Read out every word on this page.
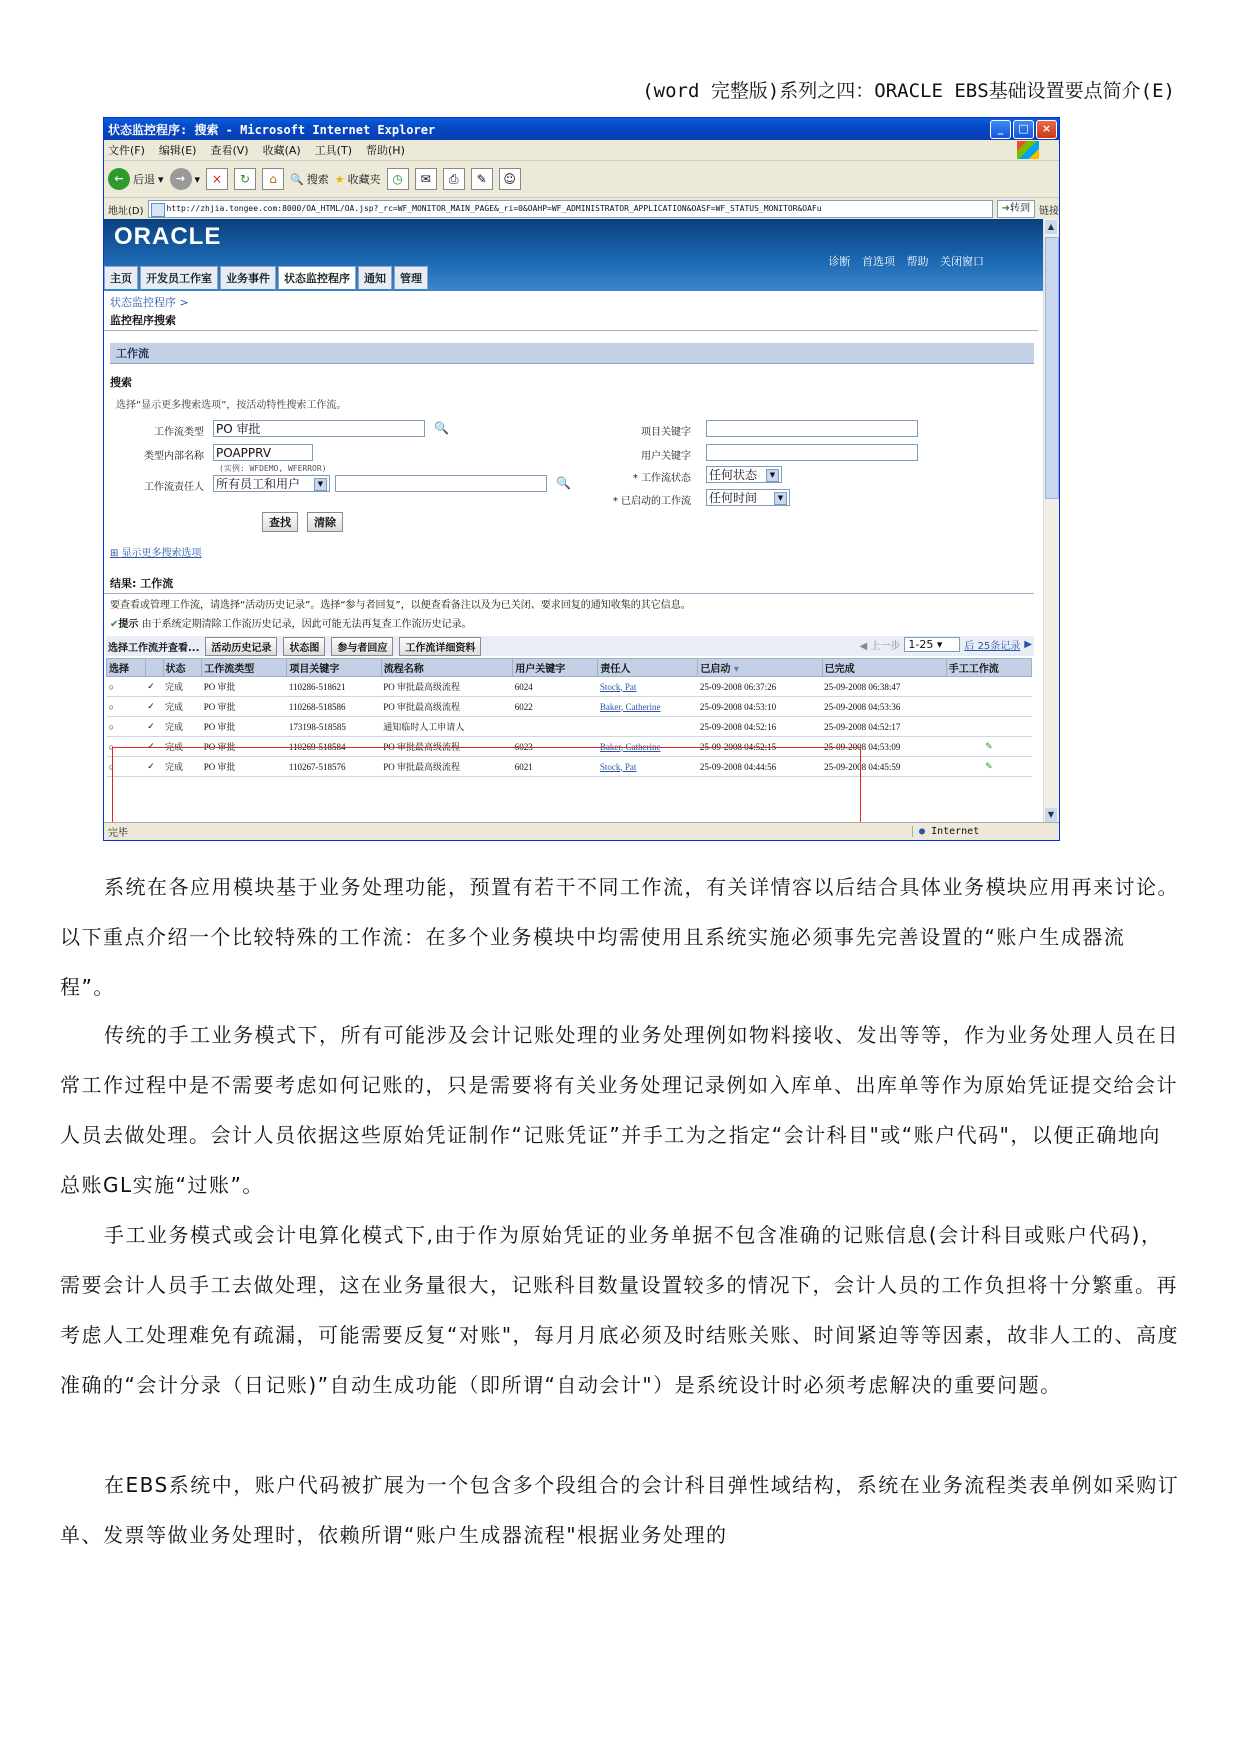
(word 完整版)系列之四：ORACLE EBS基础设置要点简介(E)
状态监控程序: 搜索 - Microsoft Internet Explorer	_	□	×
文件(F) 编辑(E) 查看(V) 收藏(A) 工具(T) 帮助(H)
← 后退 ▾	→ ▾ ×	↻	⌂	🔍 搜索 ★ 收藏夹 ◷	✉	⎙	✎	☺
地址(D)	http://zhjia.tongee.com:8000/OA_HTML/OA.jsp?_rc=WF_MONITOR_MAIN_PAGE&_ri=0&OAHP=WF_ADMINISTRATOR_APPLICATION&OASF=WF_STATUS_MONITOR&OAFu	➜转到 链接
ORACLE
诊断 首选项 帮助 关闭窗口
主页	开发员工作室	业务事件	状态监控程序	通知	管理
状态监控程序 >
监控程序搜索
工作流
搜索
选择“显示更多搜索选项”，按活动特性搜索工作流。
工作流类型 PO 审批	🔍
类型内部名称 POAPPRV
(实例: WFDEMO, WFERROR)
工作流责任人 所有员工和用户	▼	🔍
项目关键字
用户关键字
* 工作流状态 任何状态	▼
* 已启动的工作流 任何时间	▼
查找	清除
⊞ 显示更多搜索选项
结果: 工作流
要查看或管理工作流，请选择“活动历史记录”。选择“参与者回复”，以便查看备注以及为已关闭、要求回复的通知收集的其它信息。
✔提示 由于系统定期清除工作流历史记录，因此可能无法再复查工作流历史记录。
选择工作流并查看...	活动历史记录	状态图	参与者回应	工作流详细资料	◀ 上一步 1-25 ▾	后 25条记录 ▶
选择		状态	工作流类型	项目关键字	流程名称	用户关键字	责任人	已启动 ▾	已完成	手工工作流
○	✓	完成	PO 审批	110286-518621	PO 审批最高级流程	6024	Stock, Pat	25-09-2008 06:37:26	25-09-2008 06:38:47	
○	✓	完成	PO 审批	110268-518586	PO 审批最高级流程	6022	Baker, Catherine	25-09-2008 04:53:10	25-09-2008 04:53:36	
○	✓	完成	PO 审批	173198-518585	通知临时人工申请人			25-09-2008 04:52:16	25-09-2008 04:52:17	
○	✓	完成	PO 审批	110269-518584	PO 审批最高级流程	6023	Baker, Catherine	25-09-2008 04:52:15	25-09-2008 04:53:09	✎
○	✓	完成	PO 审批	110267-518576	PO 审批最高级流程	6021	Stock, Pat	25-09-2008 04:44:56	25-09-2008 04:45:59	✎
▲
▼
完毕	● Internet

系统在各应用模块基于业务处理功能，预置有若干不同工作流，有关详情容以后结合具体业务模块应用再来讨论。以下重点介绍一个比较特殊的工作流：在多个业务模块中均需使用且系统实施必须事先完善设置的“账户生成器流程”。

传统的手工业务模式下，所有可能涉及会计记账处理的业务处理例如物料接收、发出等等，作为业务处理人员在日常工作过程中是不需要考虑如何记账的，只是需要将有关业务处理记录例如入库单、出库单等作为原始凭证提交给会计人员去做处理。会计人员依据这些原始凭证制作“记账凭证”并手工为之指定“会计科目"或“账户代码"，以便正确地向总账GL实施“过账”。

手工业务模式或会计电算化模式下,由于作为原始凭证的业务单据不包含准确的记账信息(会计科目或账户代码)，需要会计人员手工去做处理，这在业务量很大，记账科目数量设置较多的情况下，会计人员的工作负担将十分繁重。再考虑人工处理难免有疏漏，可能需要反复“对账"，每月月底必须及时结账关账、时间紧迫等等因素，故非人工的、高度准确的“会计分录（日记账)”自动生成功能（即所谓“自动会计"）是系统设计时必须考虑解决的重要问题。

在EBS系统中，账户代码被扩展为一个包含多个段组合的会计科目弹性域结构，系统在业务流程类表单例如采购订单、发票等做业务处理时，依赖所谓“账户生成器流程"根据业务处理的
